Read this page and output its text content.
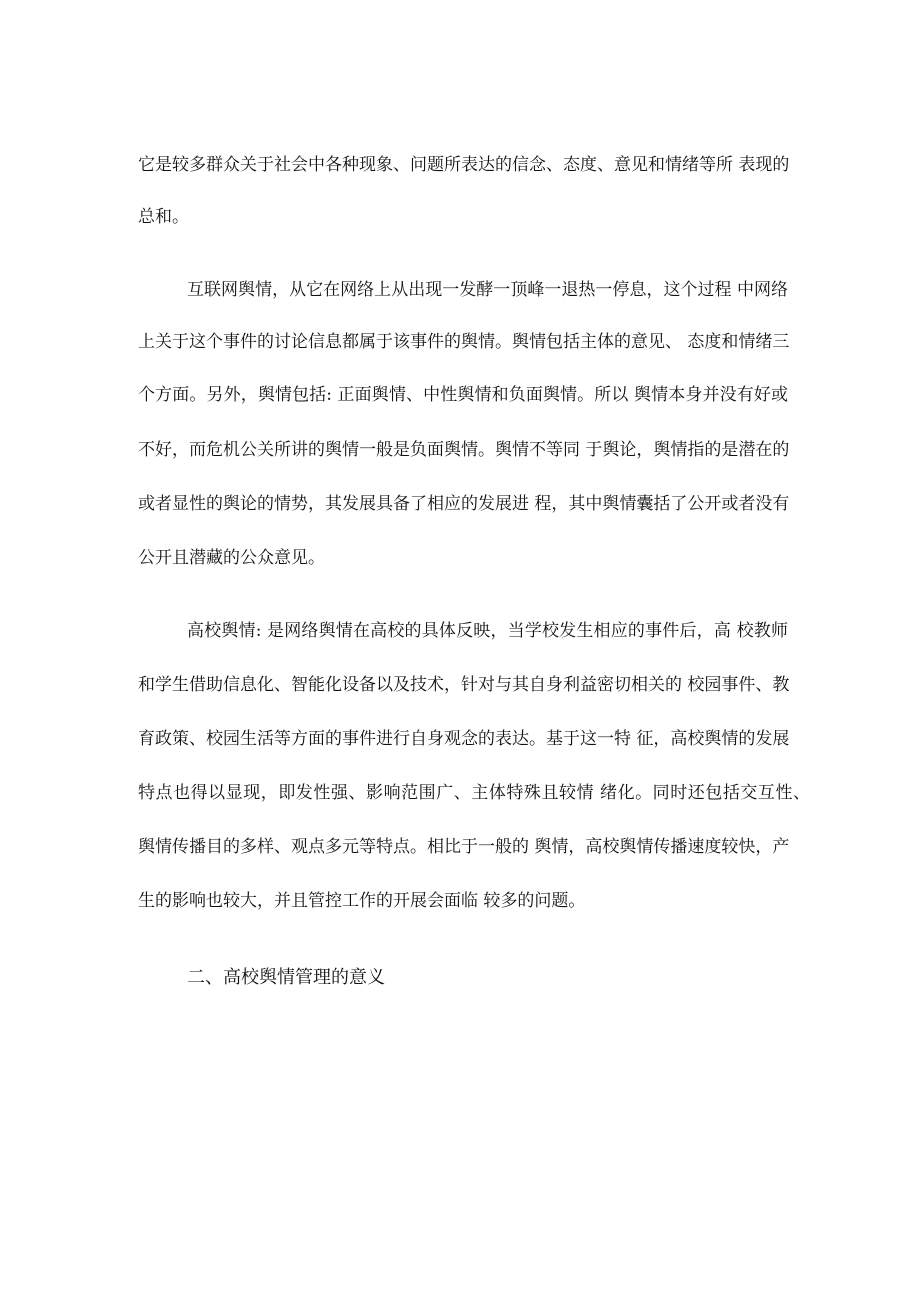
它是较多群众关于社会中各种现象、问题所表达的信念、态度、意见和情绪等所 表现的
总和。
互联网舆情，从它在网络上从出现一发酵一顶峰一退热一停息，这个过程 中网络
上关于这个事件的讨论信息都属于该事件的舆情。舆情包括主体的意见、 态度和情绪三
个方面。另外，舆情包括: 正面舆情、中性舆情和负面舆情。所以 舆情本身并没有好或
不好，而危机公关所讲的舆情一般是负面舆情。舆情不等同 于舆论，舆情指的是潜在的
或者显性的舆论的情势，其发展具备了相应的发展进 程，其中舆情囊括了公开或者没有
公开且潜藏的公众意见。
高校舆情: 是网络舆情在高校的具体反映，当学校发生相应的事件后，高 校教师
和学生借助信息化、智能化设备以及技术，针对与其自身利益密切相关的 校园事件、教
育政策、校园生活等方面的事件进行自身观念的表达。基于这一特 征，高校舆情的发展
特点也得以显现，即发性强、影响范围广、主体特殊且较情 绪化。同时还包括交互性、
舆情传播目的多样、观点多元等特点。相比于一般的 舆情，高校舆情传播速度较快，产
生的影响也较大，并且管控工作的开展会面临 较多的问题。
二、高校舆情管理的意义
